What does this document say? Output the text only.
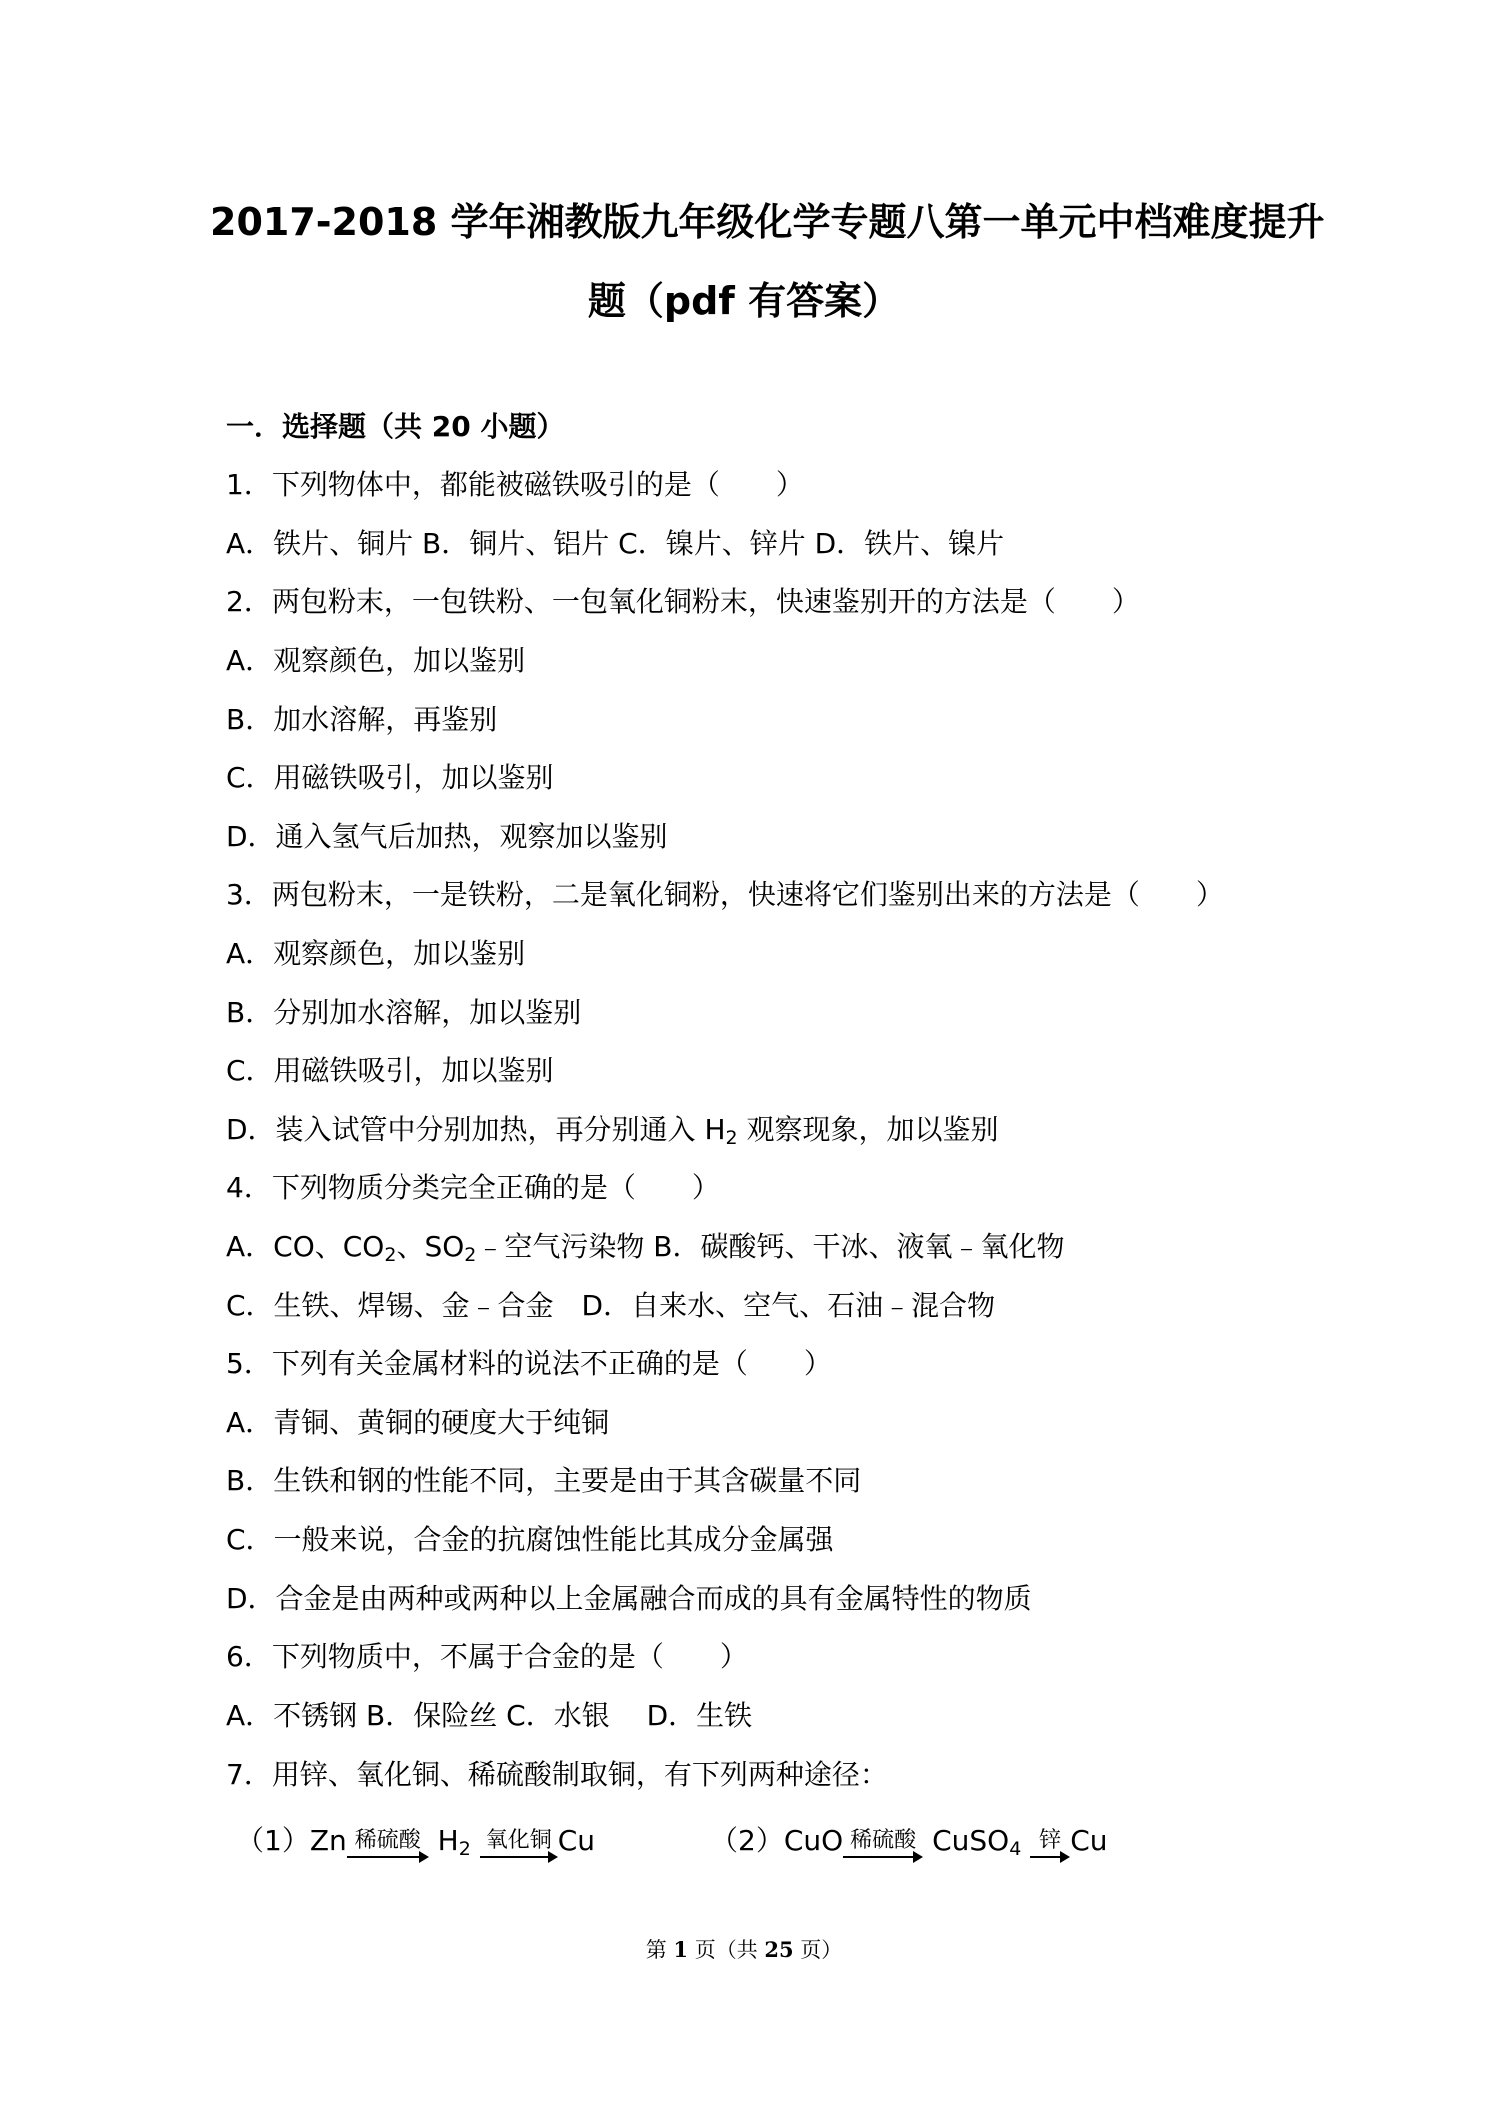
2017-2018 学年湘教版九年级化学专题八第一单元中档难度提升
题（pdf 有答案）
一．选择题（共 20 小题）
1．下列物体中，都能被磁铁吸引的是（　　）
A．铁片、铜片 B．铜片、铝片 C．镍片、锌片 D．铁片、镍片
2．两包粉末，一包铁粉、一包氧化铜粉末，快速鉴别开的方法是（　　）
A．观察颜色，加以鉴别
B．加水溶解，再鉴别
C．用磁铁吸引，加以鉴别
D．通入氢气后加热，观察加以鉴别
3．两包粉末，一是铁粉，二是氧化铜粉，快速将它们鉴别出来的方法是（　　）
A．观察颜色，加以鉴别
B．分别加水溶解，加以鉴别
C．用磁铁吸引，加以鉴别
D．装入试管中分别加热，再分别通入 $H_2$ 观察现象，加以鉴别
4．下列物质分类完全正确的是（　　）
A．CO、$CO_2$、$SO_2﹣$空气污染物 B．碳酸钙、干冰、液氧﹣氧化物
C．生铁、焊锡、金﹣合金　D．自来水、空气、石油﹣混合物
5．下列有关金属材料的说法不正确的是（　　）
A．青铜、黄铜的硬度大于纯铜
B．生铁和钢的性能不同，主要是由于其含碳量不同
C．一般来说，合金的抗腐蚀性能比其成分金属强
D．合金是由两种或两种以上金属融合而成的具有金属特性的物质
6．下列物质中，不属于合金的是（　　）
A．不锈钢 B．保险丝 C．水银　 D．生铁
7．用锌、氧化铜、稀硫酸制取铜，有下列两种途径：
（1）Zn 稀硫酸 $H_2$ 氧化铜 Cu	（2）CuO 稀硫酸 CuSO$_4$ 锌 Cu
第 1 页（共 25 页）
